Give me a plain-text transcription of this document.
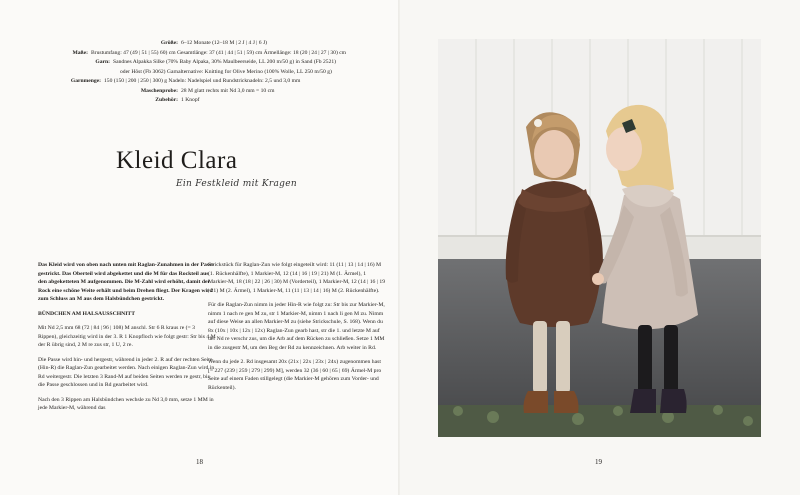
Größe: 6–12 Monate (12–18 M | 2 J | 4 J | 6 J)
Maße: Brustumfang: 47 (49 | 51 | 55) 60) cm Gesamtlänge: 37 (41 | 44 | 51 | 59) cm Ärmellänge: 18 (20 | 24 | 27 | 30) cm
Garn: Sandnes Alpakka Silke (70% Baby Alpaka, 30% Maulbeerseide, LL 200 m/50 g) in Sand (Fb 2521)
oder Hôst (Fb 3062) Garnalternative: Knitting for Olive Merino (100% Wolle, LL 250 m/50 g)
Garnmenge: 150 (150 | 200 | 250 | 300) g Nadeln: Nadelspiel und Rundstricknadeln: 2,5 und 3,0 mm
Maschenprobe: 28 M glatt rechts mit Nd 3,0 mm = 10 cm
Zubehör: 1 Knopf
Kleid Clara
Ein Festkleid mit Kragen

Das Kleid wird von oben nach unten mit Raglan-Zunahmen in der Passe gestrickt. Das Oberteil wird abgekettet und die M für das Rockteil aus den abgeketteten M aufgenommen. Die M-Zahl wird erhöht, damit der Rock eine schöne Weite erhält und beim Drehen fliegt. Der Kragen wird zum Schluss an M aus dem Halsbündchen gestrickt.

BÜNDCHEN AM HALSAUSSCHNITT

Mit Nd 2,5 mm 68 (72 | 84 | 96 | 108) M anschl. Str 6 R kraus re (= 3 Rippen), gleichzeitig wird in der 3. R 1 Knopfloch wie folgt gestr: Str bis 4 M der R übrig sind, 2 M re zus str, 1 U, 2 re.

Die Passe wird hin- und hergestr, während in jeder 2. R auf der rechten Seite (Hin-R) die Raglan-Zun gearbeitet werden. Nach einigen Raglan-Zun wird in Rd weitergestr. Die letzten 3 Rand-M auf beiden Seiten werden re gestr, bis die Passe geschlossen und in Rd gearbeitet wird.

Nach den 3 Rippen am Halsbündchen wechsle zu Nd 3,0 mm, setze 1 MM in jede Markier-M, während das

Strickstück für Raglan-Zun wie folgt eingeteilt wird: 11 (11 | 13 | 14 | 16) M (1. Rückenhälfte), 1 Markier-M, 12 (14 | 16 | 19 | 21) M (1. Ärmel), 1 Markier-M, 18 (18 | 22 | 26 | 30) M (Vorderteil), 1 Markier-M, 12 (14 | 16 | 19 | 21) M (2. Ärmel), 1 Markier-M, 11 (11 | 13 | 14 | 16) M (2. Rückenhälfte).

Für die Raglan-Zun nimm in jeder Hin-R wie folgt zu: Str bis zur Markier-M, nimm 1 nach re gen M zu, str 1 Markier-M, nimm 1 nach li gen M zu. Nimm auf diese Weise an allen Markier-M zu (siehe Strickschule, S. 168). Wenn du 8x (10x | 10x | 12x | 12x) Raglan-Zun gearb hast, str die 1. und letzte M auf der Nd re verschr zus, um die Arb auf dem Rücken zu schließen. Setze 1 MM in die zusgestr M, um den Beg der Rd zu kennzeichnen. Arb weiter in Rd.

Wenn du jede 2. Rd insgesamt 20x (21x | 22x | 23x | 24x) zugenommen hast [= 227 (239 | 259 | 279 | 299) M], werden 32 (36 | 60 | 65 | 69) Ärmel-M pro Seite auf einem Faden stillgelegt (die Markier-M gehören zum Vorder- und Rückenteil).

18	19
